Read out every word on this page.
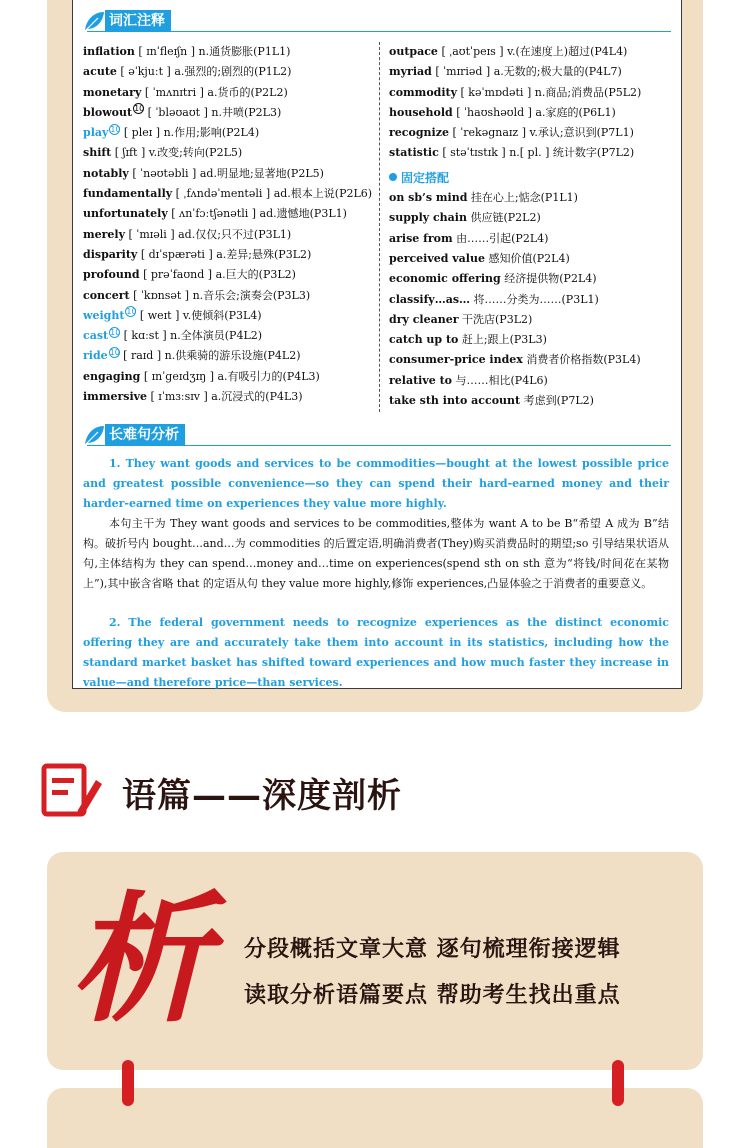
词汇注释
inflation [ ɪnˈfleɪʃn ] n.通货膨胀(P1L1)
acute [ əˈkjuːt ] a.强烈的;剧烈的(P1L2)
monetary [ ˈmʌnɪtri ] a.货币的(P2L2)
blowout 10 [ ˈbləʊaʊt ] n.井喷(P2L3)
play 10 [ pleɪ ] n.作用;影响(P2L4)
shift [ ʃɪft ] v.改变;转向(P2L5)
notably [ ˈnəʊtəbli ] ad.明显地;显著地(P2L5)
fundamentally [ ˌfʌndəˈmentəli ] ad.根本上说(P2L6)
unfortunately [ ʌnˈfɔːtʃənətli ] ad.遗憾地(P3L1)
merely [ ˈmɪəli ] ad.仅仅;只不过(P3L1)
disparity [ dɪˈspærəti ] a.差异;悬殊(P3L2)
profound [ prəˈfaʊnd ] a.巨大的(P3L2)
concert [ ˈkɒnsət ] n.音乐会;演奏会(P3L3)
weight 10 [ weɪt ] v.使倾斜(P3L4)
cast 10 [ kɑːst ] n.全体演员(P4L2)
ride 10 [ raɪd ] n.供乘骑的游乐设施(P4L2)
engaging [ ɪnˈgeɪdʒɪŋ ] a.有吸引力的(P4L3)
immersive [ ɪˈmɜːsɪv ] a.沉浸式的(P4L3)
outpace [ ˌaʊtˈpeɪs ] v.(在速度上)超过(P4L4)
myriad [ ˈmɪriəd ] a.无数的;极大量的(P4L7)
commodity [ kəˈmɒdəti ] n.商品;消费品(P5L2)
household [ ˈhaʊshəʊld ] a.家庭的(P6L1)
recognize [ ˈrekəgnaɪz ] v.承认;意识到(P7L1)
statistic [ stəˈtɪstɪk ] n.[ pl. ] 统计数字(P7L2)
固定搭配
on sb’s mind 挂在心上;惦念(P1L1)
supply chain 供应链(P2L2)
arise from 由……引起(P2L4)
perceived value 感知价值(P2L4)
economic offering 经济提供物(P2L4)
classify…as… 将……分类为……(P3L1)
dry cleaner 干洗店(P3L2)
catch up to 赶上;跟上(P3L3)
consumer-price index 消费者价格指数(P3L4)
relative to 与……相比(P4L6)
take sth into account 考虑到(P7L2)
长难句分析
1. They want goods and services to be commodities—bought at the lowest possible price and greatest possible convenience—so they can spend their hard-earned money and their harder-earned time on experiences they value more highly.
本句主干为 They want goods and services to be commodities,整体为 want A to be B“希望 A 成为 B”结构。破折号内 bought…and…为 commodities 的后置定语,明确消费者(They)购买消费品时的期望;so 引导结果状语从句,主体结构为 they can spend…money and…time on experiences(spend sth on sth 意为“将钱/时间花在某物上”),其中嵌含省略 that 的定语从句 they value more highly,修饰 experiences,凸显体验之于消费者的重要意义。
2. The federal government needs to recognize experiences as the distinct economic offering they are and accurately take them into account in its statistics, including how the standard market basket has shifted toward experiences and how much faster they increase in value—and therefore price—than services.
语篇——深度剖析
析 分段概括文章大意 逐句梳理衔接逻辑
读取分析语篇要点 帮助考生找出重点
